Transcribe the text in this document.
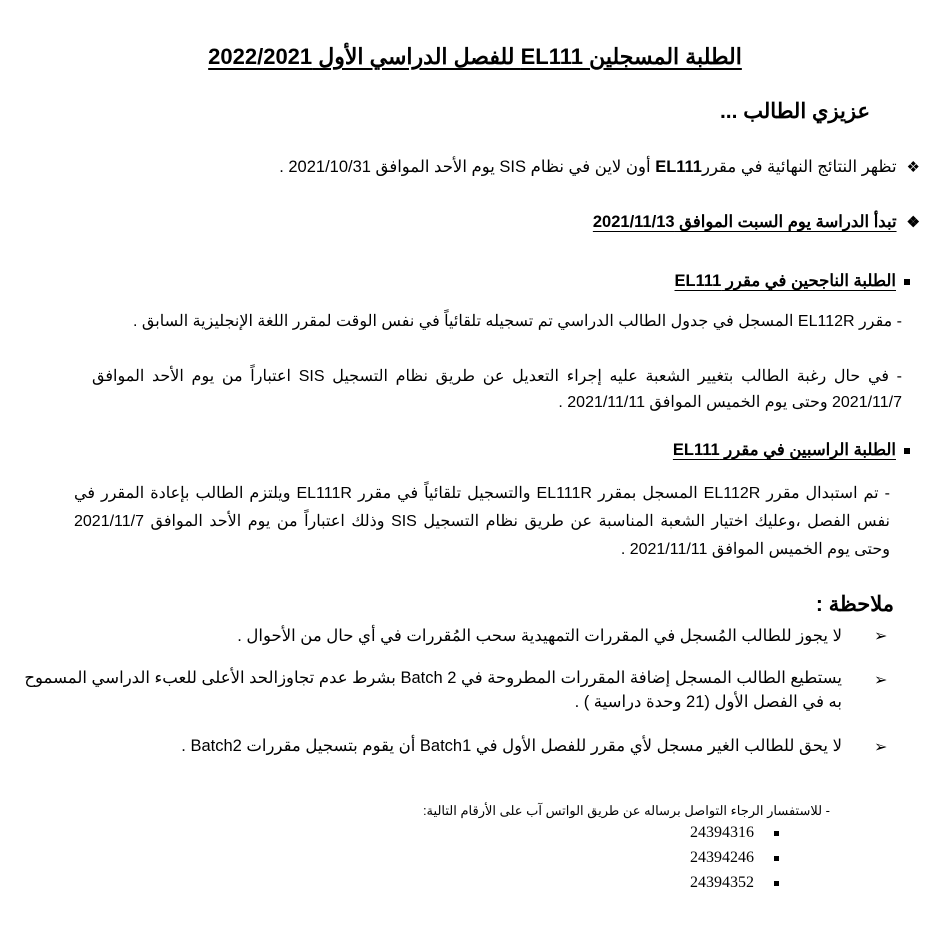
الطلبة المسجلين EL111 للفصل الدراسي الأول 2022/2021
عزيزي الطالب ...
❖تظهر النتائج النهائية في مقررEL111 أون لاين في نظام SIS يوم الأحد الموافق 2021/10/31 .
❖تبدأ الدراسة يوم السبت الموافق 2021/11/13
الطلبة الناجحين في مقرر EL111
- مقرر EL112R المسجل في جدول الطالب الدراسي تم تسجيله تلقائياً في نفس الوقت لمقرر اللغة الإنجليزية السابق .
- في حال رغبة الطالب بتغيير الشعبة عليه إجراء التعديل عن طريق نظام التسجيل SIS اعتباراً من يوم الأحد الموافق 2021/11/7 وحتى يوم الخميس الموافق 2021/11/11 .
الطلبة الراسبين في مقرر EL111
- تم استبدال مقرر EL112R المسجل بمقرر EL111R والتسجيل تلقائياً في مقرر EL111R ويلتزم الطالب بإعادة المقرر في نفس الفصل ،وعليك اختيار الشعبة المناسبة عن طريق نظام التسجيل SIS وذلك اعتباراً من يوم الأحد الموافق 2021/11/7 وحتى يوم الخميس الموافق 2021/11/11 .
ملاحظة :
➢
لا يجوز للطالب المُسجل في المقررات التمهيدية سحب المُقررات في أي حال من الأحوال .
➢
يستطيع الطالب المسجل إضافة المقررات المطروحة في Batch 2 بشرط عدم تجاوزالحد الأعلى للعبء الدراسي المسموح به في الفصل الأول (21 وحدة دراسية ) .
➢
لا يحق للطالب الغير مسجل لأي مقرر للفصل الأول في Batch1 أن يقوم بتسجيل مقررات Batch2 .
- للاستفسار الرجاء التواصل برساله عن طريق الواتس آب على الأرقام التالية:
24394316
24394246
24394352
